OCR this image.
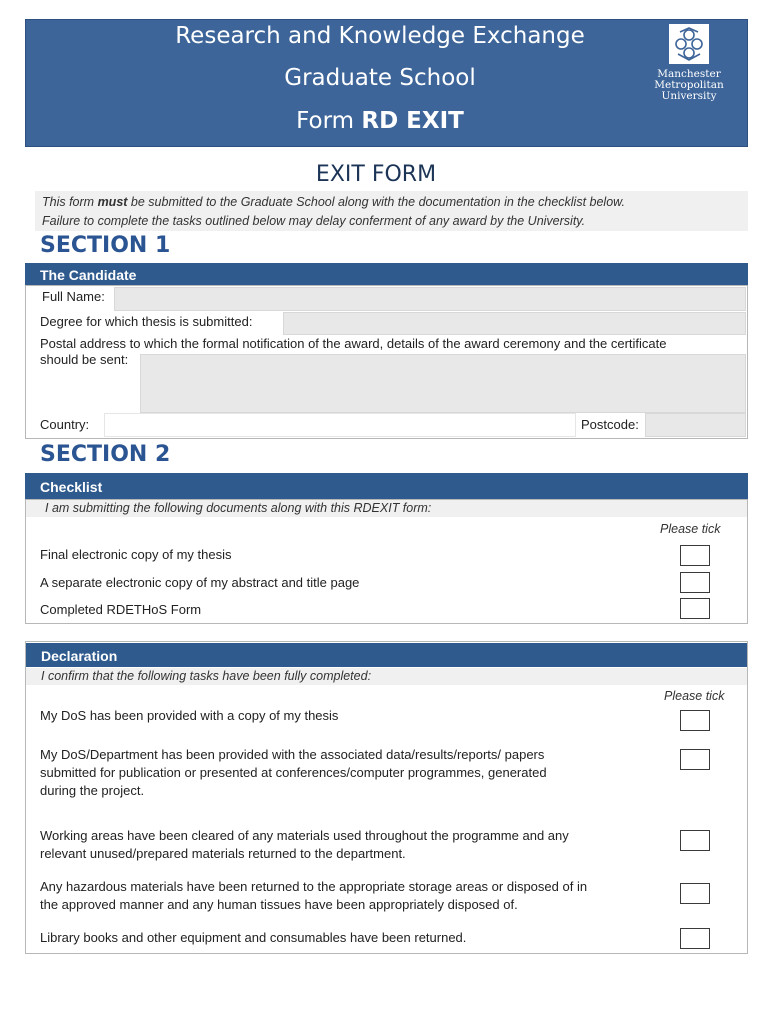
Research and Knowledge Exchange
Graduate School
Form RD EXIT
Manchester
Metropolitan
University
EXIT FORM
This form must be submitted to the Graduate School along with the documentation in the checklist below.
Failure to complete the tasks outlined below may delay conferment of any award by the University.
SECTION 1
The Candidate
Full Name:
Degree for which thesis is submitted:
Postal address to which the formal notification of the award, details of the award ceremony and the certificate
should be sent:
Country:	Postcode:
SECTION 2
Checklist
I am submitting the following documents along with this RDEXIT form:
Please tick
Final electronic copy of my thesis
A separate electronic copy of my abstract and title page
Completed RDETHoS Form
Declaration
I confirm that the following tasks have been fully completed:
Please tick
My DoS has been provided with a copy of my thesis
My DoS/Department has been provided with the associated data/results/reports/ papers
submitted for publication or presented at conferences/computer programmes, generated
during the project.
Working areas have been cleared of any materials used throughout the programme and any
relevant unused/prepared materials returned to the department.
Any hazardous materials have been returned to the appropriate storage areas or disposed of in
the approved manner and any human tissues have been appropriately disposed of.
Library books and other equipment and consumables have been returned.
